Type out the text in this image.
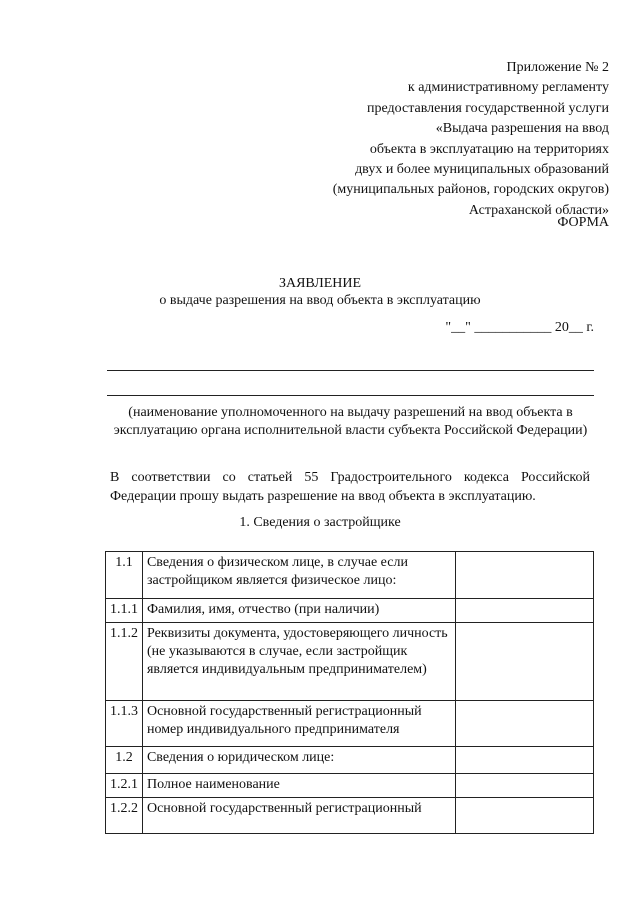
Приложение № 2
к административному регламенту
предоставления государственной услуги
«Выдача разрешения на ввод
объекта в эксплуатацию на территориях
двух и более муниципальных образований
(муниципальных районов, городских округов)
Астраханской области»
ФОРМА
ЗАЯВЛЕНИЕ
о выдаче разрешения на ввод объекта в эксплуатацию
"__" ___________ 20__ г.
(наименование уполномоченного на выдачу разрешений на ввод объекта в эксплуатацию органа исполнительной власти субъекта Российской Федерации)
В соответствии со статьей 55 Градостроительного кодекса Российской Федерации прошу выдать разрешение на ввод объекта в эксплуатацию.
1. Сведения о застройщике
1.1	Сведения о физическом лице, в случае если застройщиком является физическое лицо:	
1.1.1	Фамилия, имя, отчество (при наличии)	
1.1.2	Реквизиты документа, удостоверяющего личность (не указываются в случае, если застройщик является индивидуальным предпринимателем)	
1.1.3	Основной государственный регистрационный номер индивидуального предпринимателя	
1.2	Сведения о юридическом лице:	
1.2.1	Полное наименование	
1.2.2	Основной государственный регистрационный	
